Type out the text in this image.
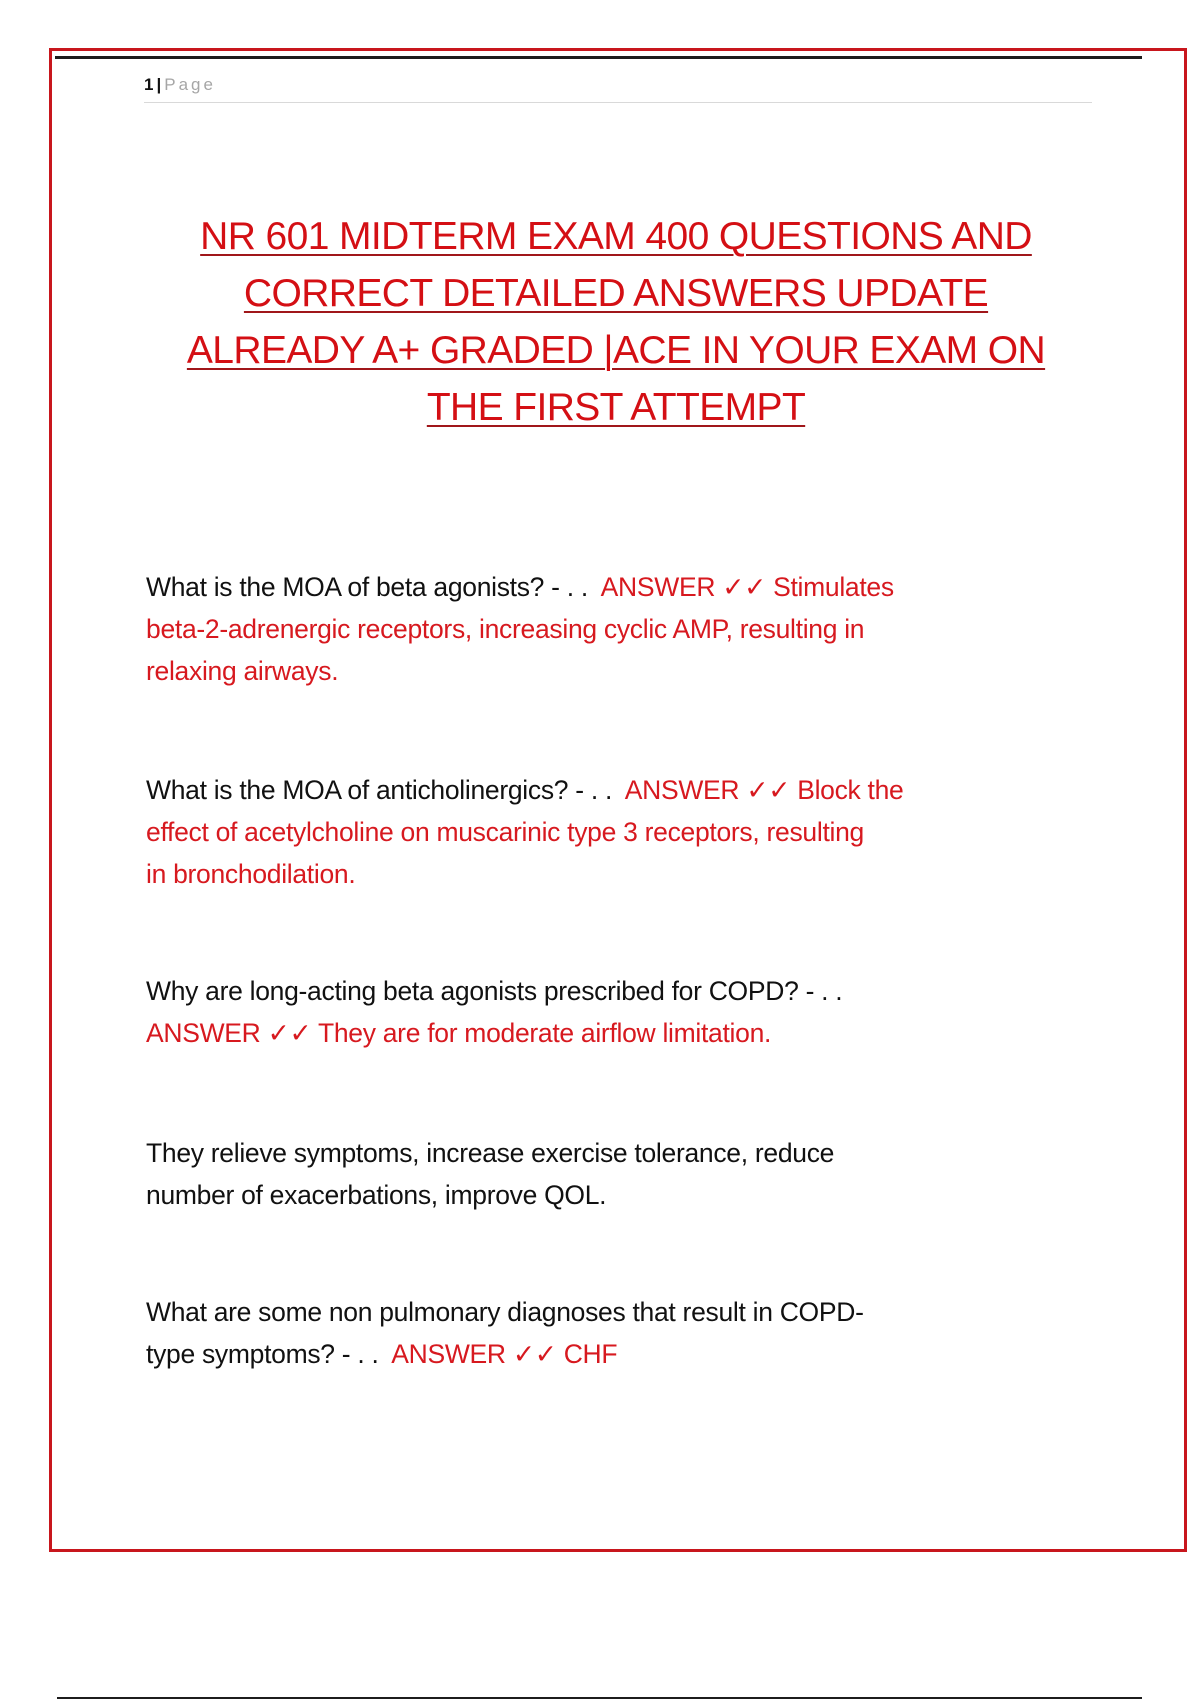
1 | Page
NR 601 MIDTERM EXAM 400 QUESTIONS AND
CORRECT DETAILED ANSWERS UPDATE
ALREADY A+ GRADED |ACE IN YOUR EXAM ON
THE FIRST ATTEMPT
What is the MOA of beta agonists? - . . ANSWER ✓✓ Stimulates
beta-2-adrenergic receptors, increasing cyclic AMP, resulting in
relaxing airways.
What is the MOA of anticholinergics? - . . ANSWER ✓✓ Block the
effect of acetylcholine on muscarinic type 3 receptors, resulting
in bronchodilation.
Why are long-acting beta agonists prescribed for COPD? - . .
ANSWER ✓✓ They are for moderate airflow limitation.
They relieve symptoms, increase exercise tolerance, reduce
number of exacerbations, improve QOL.
What are some non pulmonary diagnoses that result in COPD-
type symptoms? - . . ANSWER ✓✓ CHF
